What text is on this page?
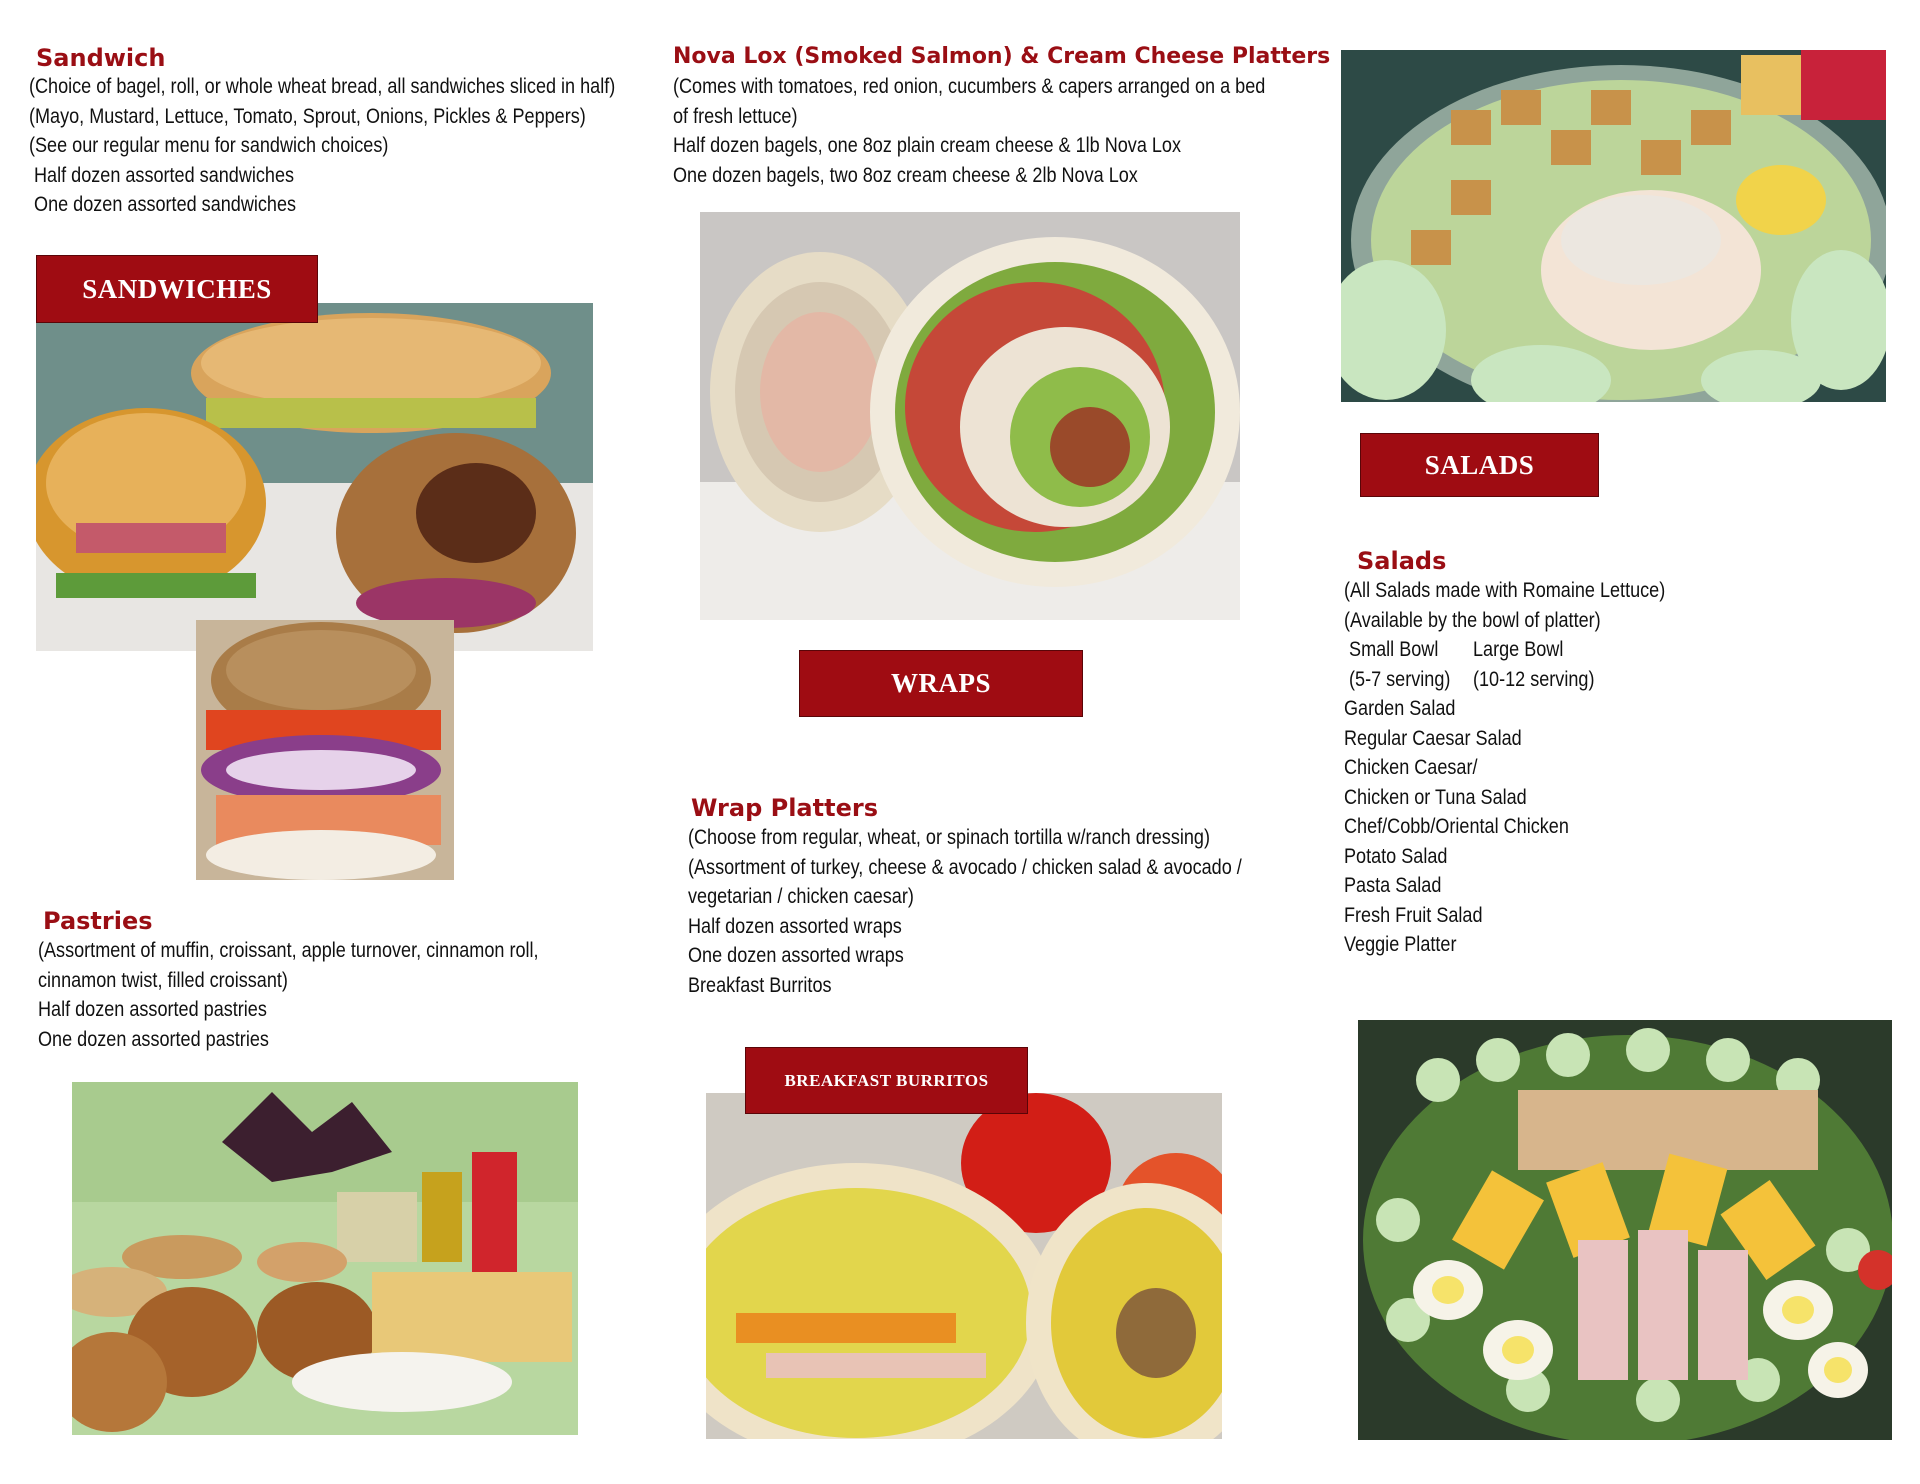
Sandwich
(Choice of bagel, roll, or whole wheat bread, all sandwiches sliced in half)
(Mayo, Mustard, Lettuce, Tomato, Sprout, Onions, Pickles & Peppers)
(See our regular menu for sandwich choices)
Half dozen assorted sandwiches
One dozen assorted sandwiches
SANDWICHES
Pastries
(Assortment of muffin, croissant, apple turnover, cinnamon roll,
cinnamon twist, filled croissant)
Half dozen assorted pastries
One dozen assorted pastries
Nova Lox (Smoked Salmon) & Cream Cheese Platters
(Comes with tomatoes, red onion, cucumbers & capers arranged on a bed
of fresh lettuce)
Half dozen bagels, one 8oz plain cream cheese & 1lb Nova Lox
One dozen bagels, two 8oz cream cheese & 2lb Nova Lox
WRAPS
Wrap Platters
(Choose from regular, wheat, or spinach tortilla w/ranch dressing)
(Assortment of turkey, cheese & avocado / chicken salad & avocado /
vegetarian / chicken caesar)
Half dozen assorted wraps
One dozen assorted wraps
Breakfast Burritos
BREAKFAST BURRITOS
SALADS
Salads
(All Salads made with Romaine Lettuce)
(Available by the bowl of platter)
Small Bowl	Large Bowl
(5-7 serving)	(10-12 serving)
Garden Salad
Regular Caesar Salad
Chicken Caesar/
Chicken or Tuna Salad
Chef/Cobb/Oriental Chicken
Potato Salad
Pasta Salad
Fresh Fruit Salad
Veggie Platter
